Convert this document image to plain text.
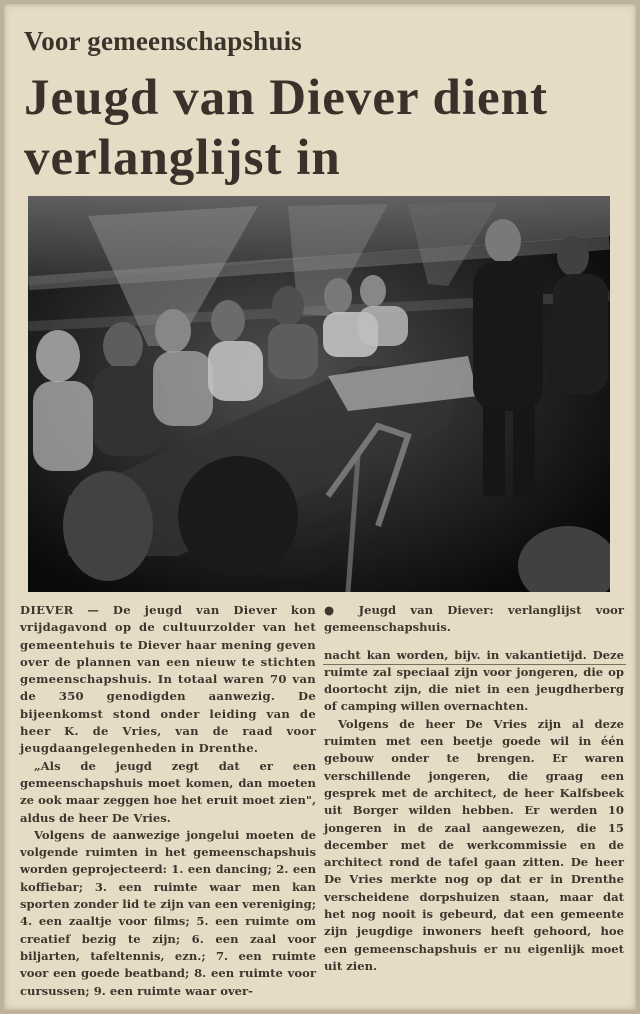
Voor gemeenschapshuis
Jeugd van Diever dient verlanglijst in

DIEVER — De jeugd van Diever kon vrijdagavond op de cultuurzolder van het gemeentehuis te Diever haar mening geven over de plannen van een nieuw te stichten gemeenschapshuis. In totaal waren 70 van de 350 genodigden aanwezig. De bijeenkomst stond onder leiding van de heer K. de Vries, van de raad voor jeugdaangelegenheden in Drenthe.

„Als de jeugd zegt dat er een gemeenschapshuis moet komen, dan moeten ze ook maar zeggen hoe het eruit moet zien", aldus de heer De Vries.

Volgens de aanwezige jongelui moeten de volgende ruimten in het gemeenschapshuis worden geprojecteerd: 1. een dancing; 2. een koffiebar; 3. een ruimte waar men kan sporten zonder lid te zijn van een vereniging; 4. een zaaltje voor films; 5. een ruimte om creatief bezig te zijn; 6. een zaal voor biljarten, tafeltennis, ezn.; 7. een ruimte voor een goede beatband; 8. een ruimte voor cursussen; 9. een ruimte waar over-

● Jeugd van Diever: verlanglijst voor gemeenschapshuis.

nacht kan worden, bijv. in vakantietijd. Deze ruimte zal speciaal zijn voor jongeren, die op doortocht zijn, die niet in een jeugdherberg of camping willen overnachten.

Volgens de heer De Vries zijn al deze ruimten met een beetje goede wil in één gebouw onder te brengen. Er waren verschillende jongeren, die graag een gesprek met de architect, de heer Kalfsbeek uit Borger wilden hebben. Er werden 10 jongeren in de zaal aangewezen, die 15 december met de werkcommissie en de architect rond de tafel gaan zitten. De heer De Vries merkte nog op dat er in Drenthe verscheidene dorpshuizen staan, maar dat het nog nooit is gebeurd, dat een gemeente zijn jeugdige inwoners heeft gehoord, hoe een gemeenschapshuis er nu eigenlijk moet uit zien.
